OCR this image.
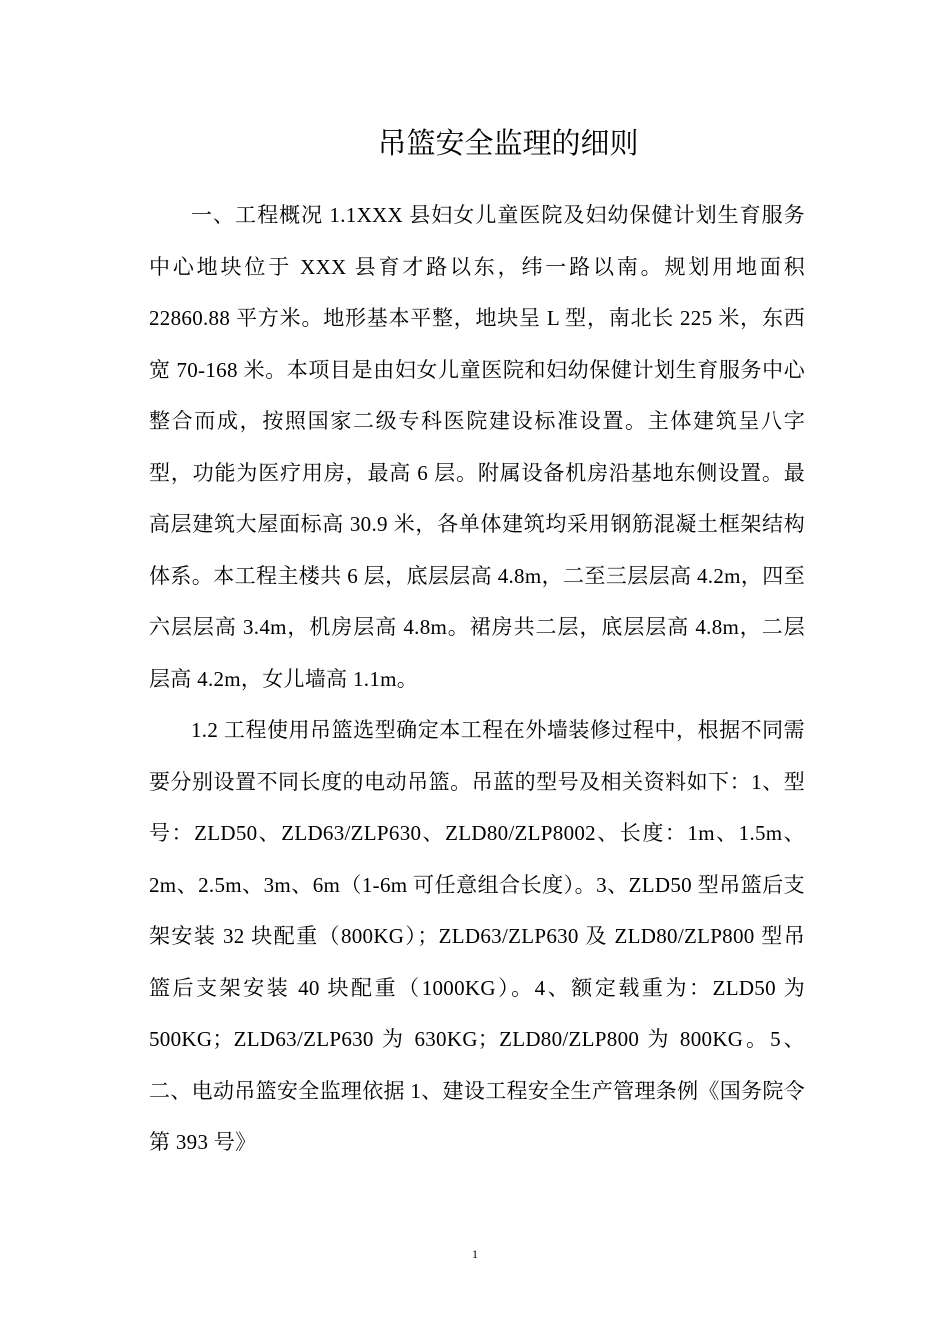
吊篮安全监理的细则

一、工程概况 1.1XXX 县妇女儿童医院及妇幼保健计划生育服务中心地块位于 XXX 县育才路以东，纬一路以南。规划用地面积 22860.88 平方米。地形基本平整，地块呈 L 型，南北长 225 米，东西宽 70-168 米。本项目是由妇女儿童医院和妇幼保健计划生育服务中心整合而成，按照国家二级专科医院建设标准设置。主体建筑呈八字型，功能为医疗用房，最高 6 层。附属设备机房沿基地东侧设置。最高层建筑大屋面标高 30.9 米，各单体建筑均采用钢筋混凝土框架结构体系。本工程主楼共 6 层，底层层高 4.8m，二至三层层高 4.2m，四至六层层高 3.4m，机房层高 4.8m。裙房共二层，底层层高 4.8m，二层层高 4.2m，女儿墙高 1.1m。

1.2 工程使用吊篮选型确定本工程在外墙装修过程中，根据不同需要分别设置不同长度的电动吊篮。吊蓝的型号及相关资料如下：1、型号：ZLD50、ZLD63/ZLP630、ZLD80/ZLP8002、长度：1m、1.5m、2m、2.5m、3m、6m（1-6m 可任意组合长度）。3、ZLD50 型吊篮后支架安装 32 块配重（800KG）；ZLD63/ZLP630 及 ZLD80/ZLP800 型吊篮后支架安装 40 块配重（1000KG）。4、额定载重为：ZLD50 为 500KG；ZLD63/ZLP630 为 630KG；ZLD80/ZLP800 为 800KG。5、二、电动吊篮安全监理依据 1、建设工程安全生产管理条例《国务院令第 393 号》

1
